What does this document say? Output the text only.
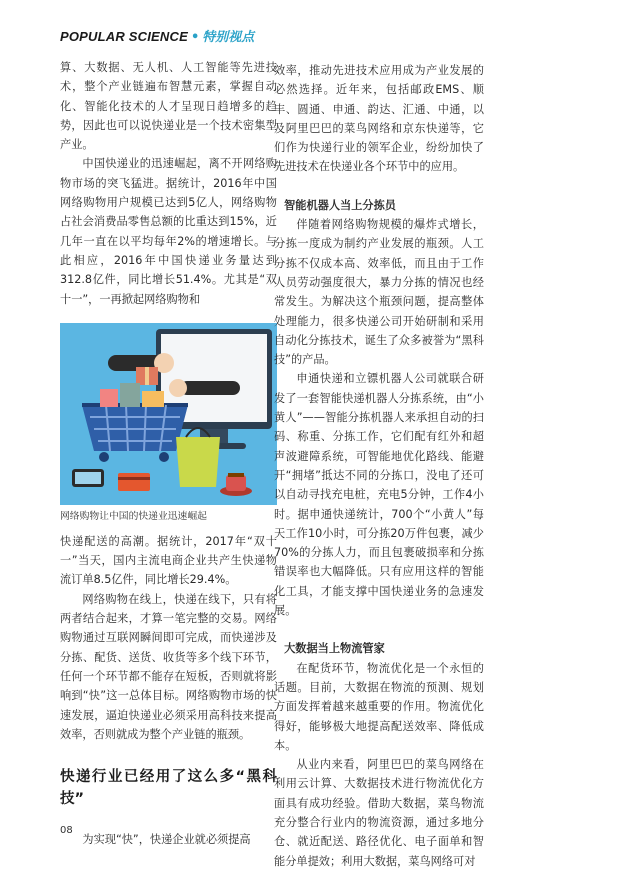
POPULAR SCIENCE • 特别视点

算、大数据、无人机、人工智能等先进技术，整个产业链遍布智慧元素，掌握自动化、智能化技术的人才呈现日趋增多的趋势，因此也可以说快递业是一个技术密集型产业。

中国快递业的迅速崛起，离不开网络购物市场的突飞猛进。据统计，2016年中国网络购物用户规模已达到5亿人，网络购物占社会消费品零售总额的比重达到15%，近几年一直在以平均每年2%的增速增长。与此相应，2016年中国快递业务量达到312.8亿件，同比增长51.4%。尤其是“双十一”，一再掀起网络购物和

网络购物让中国的快递业迅速崛起

快递配送的高潮。据统计，2017年“双十一”当天，国内主流电商企业共产生快递物流订单8.5亿件，同比增长29.4%。

网络购物在线上，快递在线下，只有将两者结合起来，才算一笔完整的交易。网络购物通过互联网瞬间即可完成，而快递涉及分拣、配货、送货、收货等多个线下环节，任何一个环节都不能存在短板，否则就将影响到“快”这一总体目标。网络购物市场的快速发展，逼迫快递业必须采用高科技来提高效率，否则就成为整个产业链的瓶颈。

快递行业已经用了这么多“黑科技”

为实现“快”，快递企业就必须提高

效率，推动先进技术应用成为产业发展的必然选择。近年来，包括邮政EMS、顺丰、圆通、申通、韵达、汇通、中通，以及阿里巴巴的菜鸟网络和京东快递等，它们作为快递行业的领军企业，纷纷加快了先进技术在快递业各个环节中的应用。

智能机器人当上分拣员

伴随着网络购物规模的爆炸式增长，分拣一度成为制约产业发展的瓶颈。人工分拣不仅成本高、效率低，而且由于工作人员劳动强度很大，暴力分拣的情况也经常发生。为解决这个瓶颈问题，提高整体处理能力，很多快递公司开始研制和采用自动化分拣技术，诞生了众多被誉为“黑科技”的产品。

申通快递和立镖机器人公司就联合研发了一套智能快递机器人分拣系统，由“小黄人”——智能分拣机器人来承担自动的扫码、称重、分拣工作，它们配有红外和超声波避障系统，可智能地优化路线、能避开“拥堵”抵达不同的分拣口，没电了还可以自动寻找充电桩，充电5分钟，工作4小时。据申通快递统计，700个“小黄人”每天工作10小时，可分拣20万件包裹，减少70%的分拣人力，而且包裹破损率和分拣错误率也大幅降低。只有应用这样的智能化工具，才能支撑中国快递业务的急速发展。

大数据当上物流管家

在配货环节，物流优化是一个永恒的话题。目前，大数据在物流的预测、规划方面发挥着越来越重要的作用。物流优化得好，能够极大地提高配送效率、降低成本。

从业内来看，阿里巴巴的菜鸟网络在利用云计算、大数据技术进行物流优化方面具有成功经验。借助大数据，菜鸟物流充分整合行业内的物流资源，通过多地分仓、就近配送、路径优化、电子面单和智能分单提效；利用大数据，菜鸟网络可对

08
